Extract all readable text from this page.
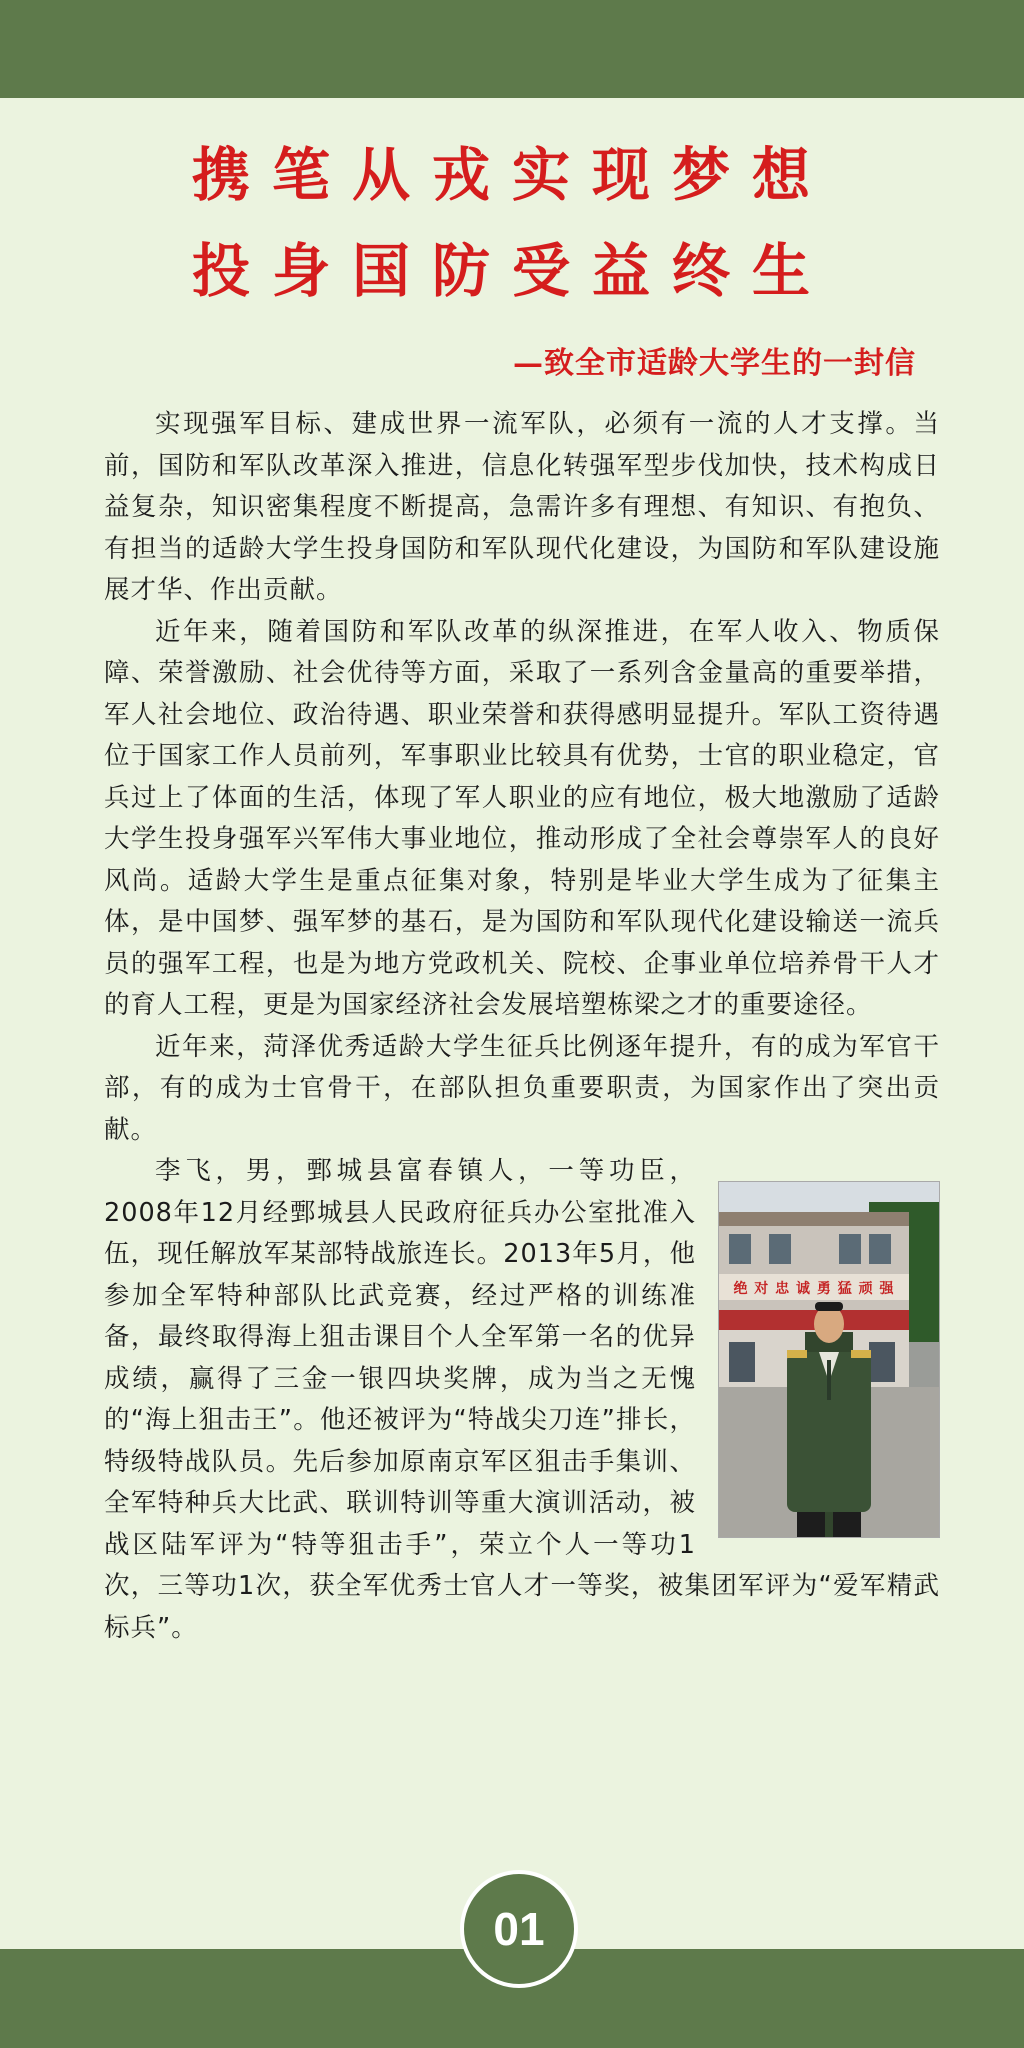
携笔从戎实现梦想
投身国防受益终生
—致全市适龄大学生的一封信

实现强军目标、建成世界一流军队，必须有一流的人才支撑。当前，国防和军队改革深入推进，信息化转强军型步伐加快，技术构成日益复杂，知识密集程度不断提高，急需许多有理想、有知识、有抱负、有担当的适龄大学生投身国防和军队现代化建设，为国防和军队建设施展才华、作出贡献。

近年来，随着国防和军队改革的纵深推进，在军人收入、物质保障、荣誉激励、社会优待等方面，采取了一系列含金量高的重要举措，军人社会地位、政治待遇、职业荣誉和获得感明显提升。军队工资待遇位于国家工作人员前列，军事职业比较具有优势，士官的职业稳定，官兵过上了体面的生活，体现了军人职业的应有地位，极大地激励了适龄大学生投身强军兴军伟大事业地位，推动形成了全社会尊崇军人的良好风尚。适龄大学生是重点征集对象，特别是毕业大学生成为了征集主体，是中国梦、强军梦的基石，是为国防和军队现代化建设输送一流兵员的强军工程，也是为地方党政机关、院校、企事业单位培养骨干人才的育人工程，更是为国家经济社会发展培塑栋梁之才的重要途径。

近年来，菏泽优秀适龄大学生征兵比例逐年提升，有的成为军官干部，有的成为士官骨干，在部队担负重要职责，为国家作出了突出贡献。

绝 对 忠 诚 勇 猛 顽 强

李飞，男，鄄城县富春镇人，一等功臣，2008年12月经鄄城县人民政府征兵办公室批准入伍，现任解放军某部特战旅连长。2013年5月，他参加全军特种部队比武竞赛，经过严格的训练准备，最终取得海上狙击课目个人全军第一名的优异成绩，赢得了三金一银四块奖牌，成为当之无愧的“海上狙击王”。他还被评为“特战尖刀连”排长，特级特战队员。先后参加原南京军区狙击手集训、全军特种兵大比武、联训特训等重大演训活动，被战区陆军评为“特等狙击手”，荣立个人一等功1次，三等功1次，获全军优秀士官人才一等奖，被集团军评为“爱军精武标兵”。

01
